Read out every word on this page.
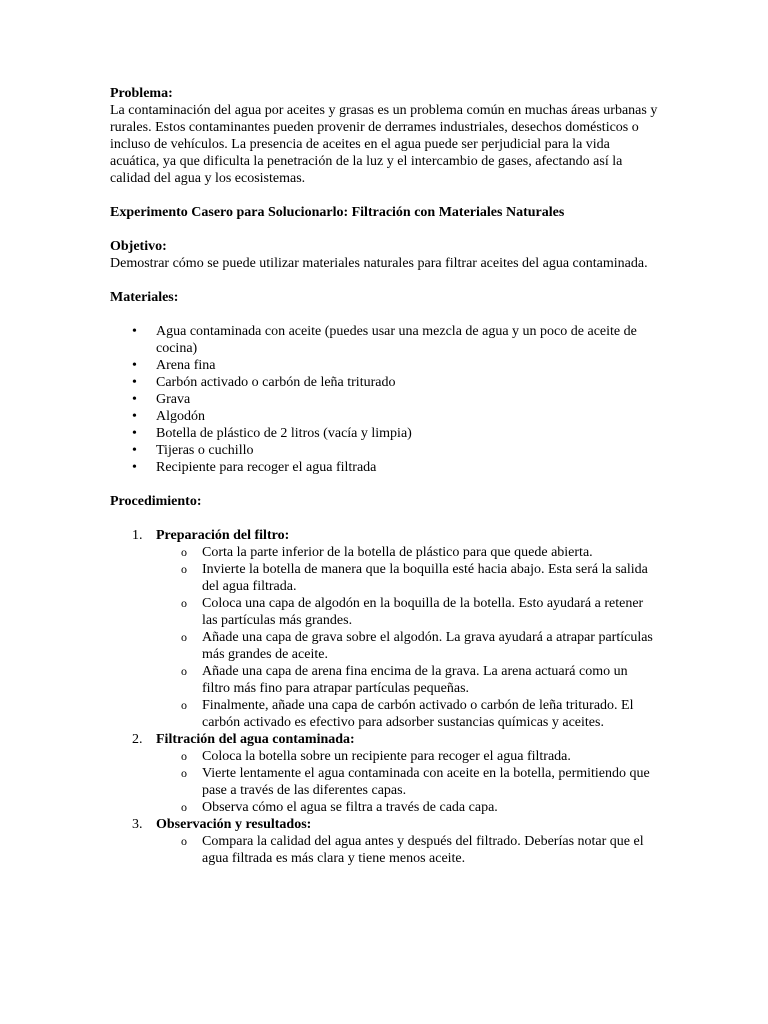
Problema:
La contaminación del agua por aceites y grasas es un problema común en muchas áreas urbanas y rurales. Estos contaminantes pueden provenir de derrames industriales, desechos domésticos o incluso de vehículos. La presencia de aceites en el agua puede ser perjudicial para la vida acuática, ya que dificulta la penetración de la luz y el intercambio de gases, afectando así la calidad del agua y los ecosistemas.
Experimento Casero para Solucionarlo: Filtración con Materiales Naturales
Objetivo:
Demostrar cómo se puede utilizar materiales naturales para filtrar aceites del agua contaminada.
Materiales:
• Agua contaminada con aceite (puedes usar una mezcla de agua y un poco de aceite de cocina)
• Arena fina
• Carbón activado o carbón de leña triturado
• Grava
• Algodón
• Botella de plástico de 2 litros (vacía y limpia)
• Tijeras o cuchillo
• Recipiente para recoger el agua filtrada
Procedimiento:
1. Preparación del filtro:
o Corta la parte inferior de la botella de plástico para que quede abierta.
o Invierte la botella de manera que la boquilla esté hacia abajo. Esta será la salida del agua filtrada.
o Coloca una capa de algodón en la boquilla de la botella. Esto ayudará a retener las partículas más grandes.
o Añade una capa de grava sobre el algodón. La grava ayudará a atrapar partículas más grandes de aceite.
o Añade una capa de arena fina encima de la grava. La arena actuará como un filtro más fino para atrapar partículas pequeñas.
o Finalmente, añade una capa de carbón activado o carbón de leña triturado. El carbón activado es efectivo para adsorber sustancias químicas y aceites.
2. Filtración del agua contaminada:
o Coloca la botella sobre un recipiente para recoger el agua filtrada.
o Vierte lentamente el agua contaminada con aceite en la botella, permitiendo que pase a través de las diferentes capas.
o Observa cómo el agua se filtra a través de cada capa.
3. Observación y resultados:
o Compara la calidad del agua antes y después del filtrado. Deberías notar que el agua filtrada es más clara y tiene menos aceite.
